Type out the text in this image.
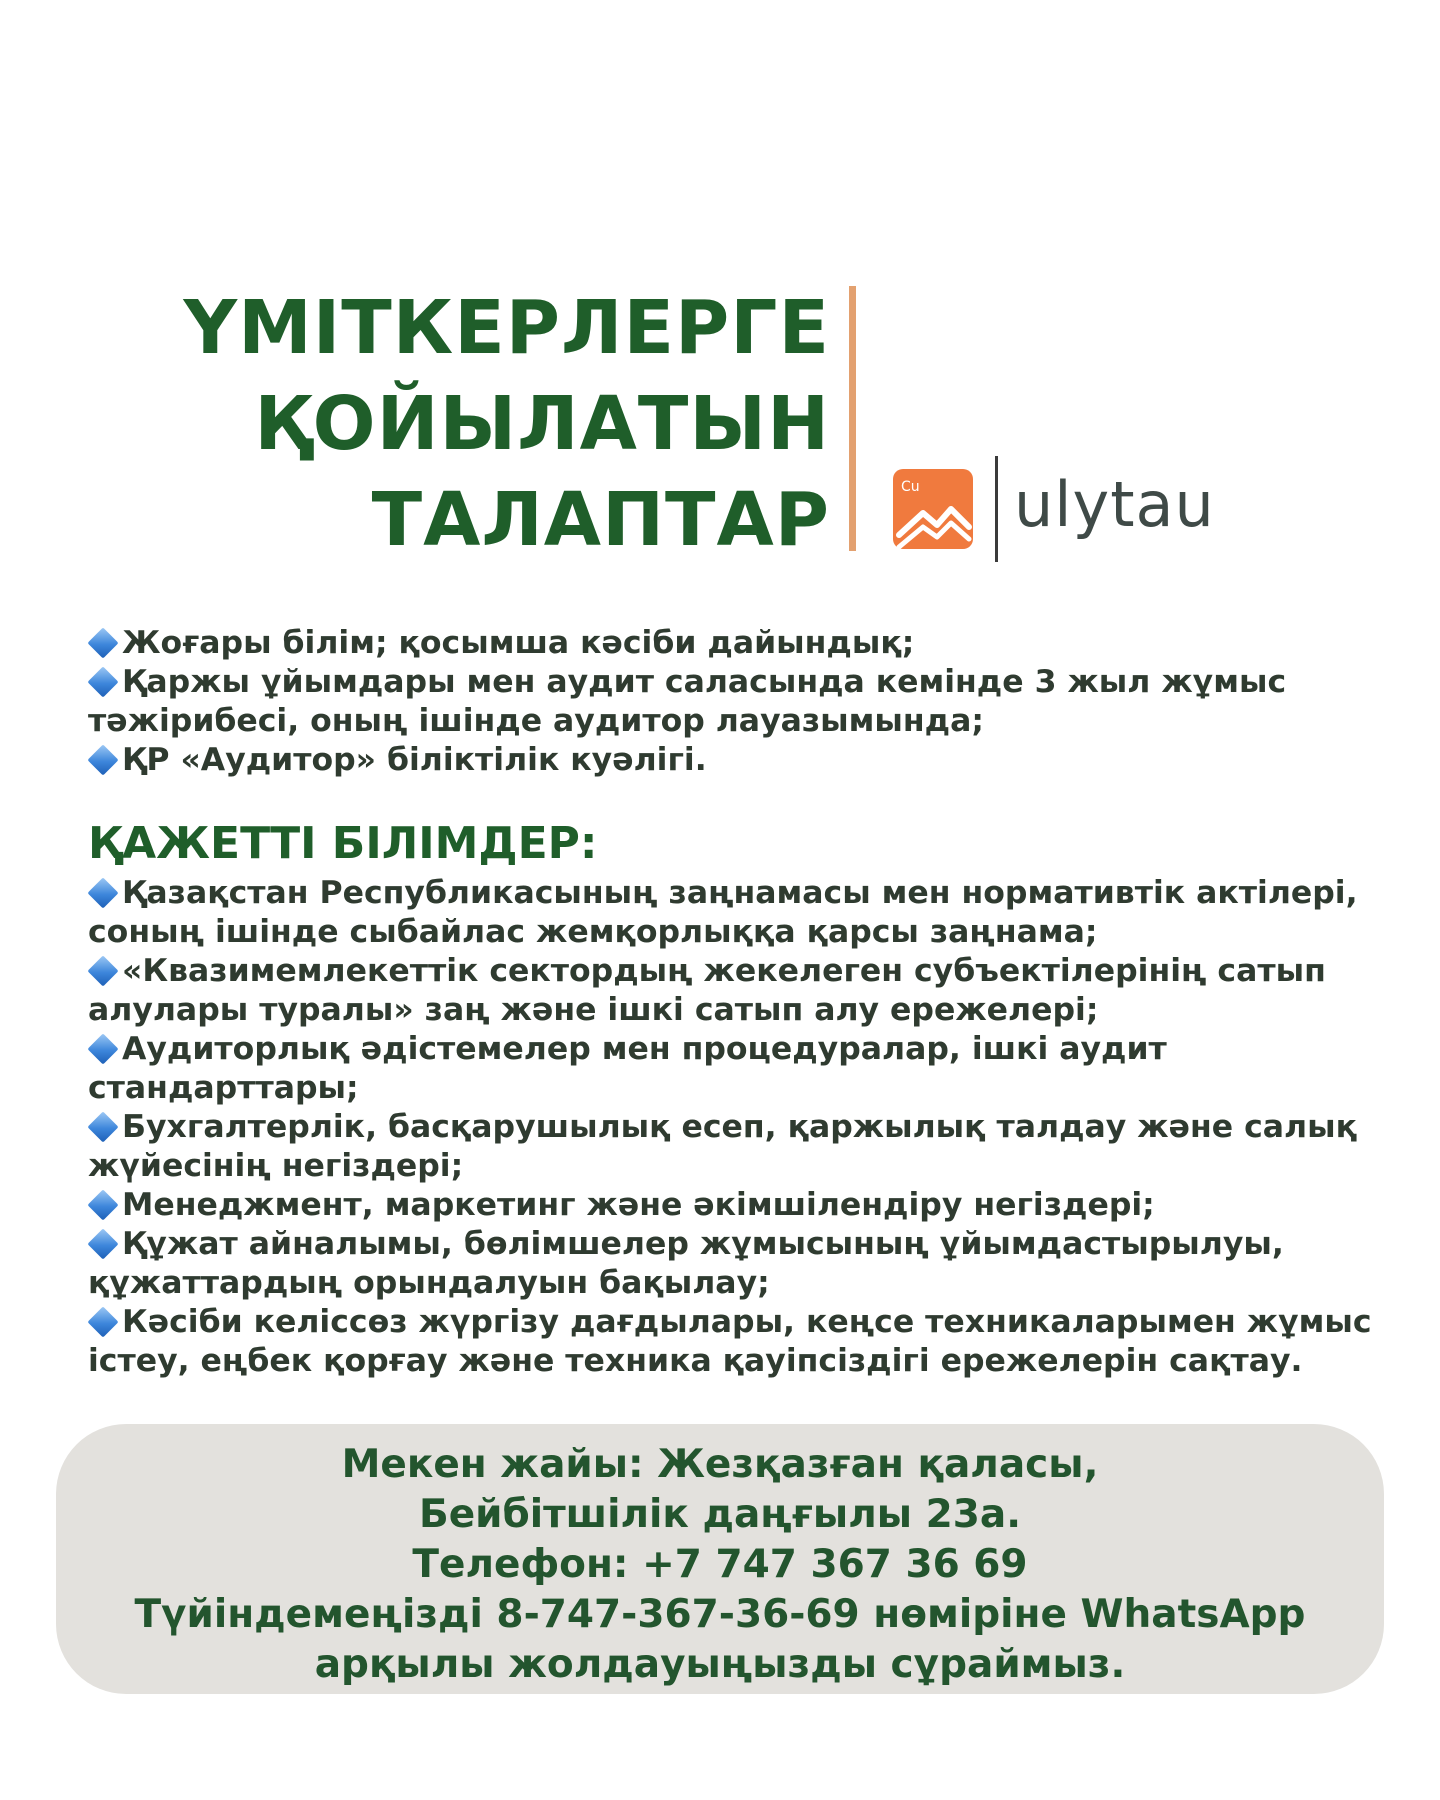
ҮМІТКЕРЛЕРГЕ
ҚОЙЫЛАТЫН
ТАЛАПТАР	Cu ulytau

Жоғары білім; қосымша кәсіби дайындық;

Қаржы ұйымдары мен аудит саласында кемінде 3 жыл жұмыс тәжірибесі, оның ішінде аудитор лауазымында;

ҚР «Аудитор» біліктілік куәлігі.

ҚАЖЕТТІ БІЛІМДЕР:

Қазақстан Республикасының заңнамасы мен нормативтік актілері, соның ішінде сыбайлас жемқорлыққа қарсы заңнама;

«Квазимемлекеттік сектордың жекелеген субъектілерінің сатып алулары туралы» заң және ішкі сатып алу ережелері;

Аудиторлық әдістемелер мен процедуралар, ішкі аудит стандарттары;

Бухгалтерлік, басқарушылық есеп, қаржылық талдау және салық жүйесінің негіздері;

Менеджмент, маркетинг және әкімшілендіру негіздері;

Құжат айналымы, бөлімшелер жұмысының ұйымдастырылуы, құжаттардың орындалуын бақылау;

Кәсіби келіссөз жүргізу дағдылары, кеңсе техникаларымен жұмыс істеу, еңбек қорғау және техника қауіпсіздігі ережелерін сақтау.

Мекен жайы: Жезқазған қаласы,
Бейбітшілік даңғылы 23а.
Телефон: +7 747 367 36 69
Түйіндемеңізді 8-747-367-36-69 нөміріне WhatsApp
арқылы жолдауыңызды сұраймыз.
